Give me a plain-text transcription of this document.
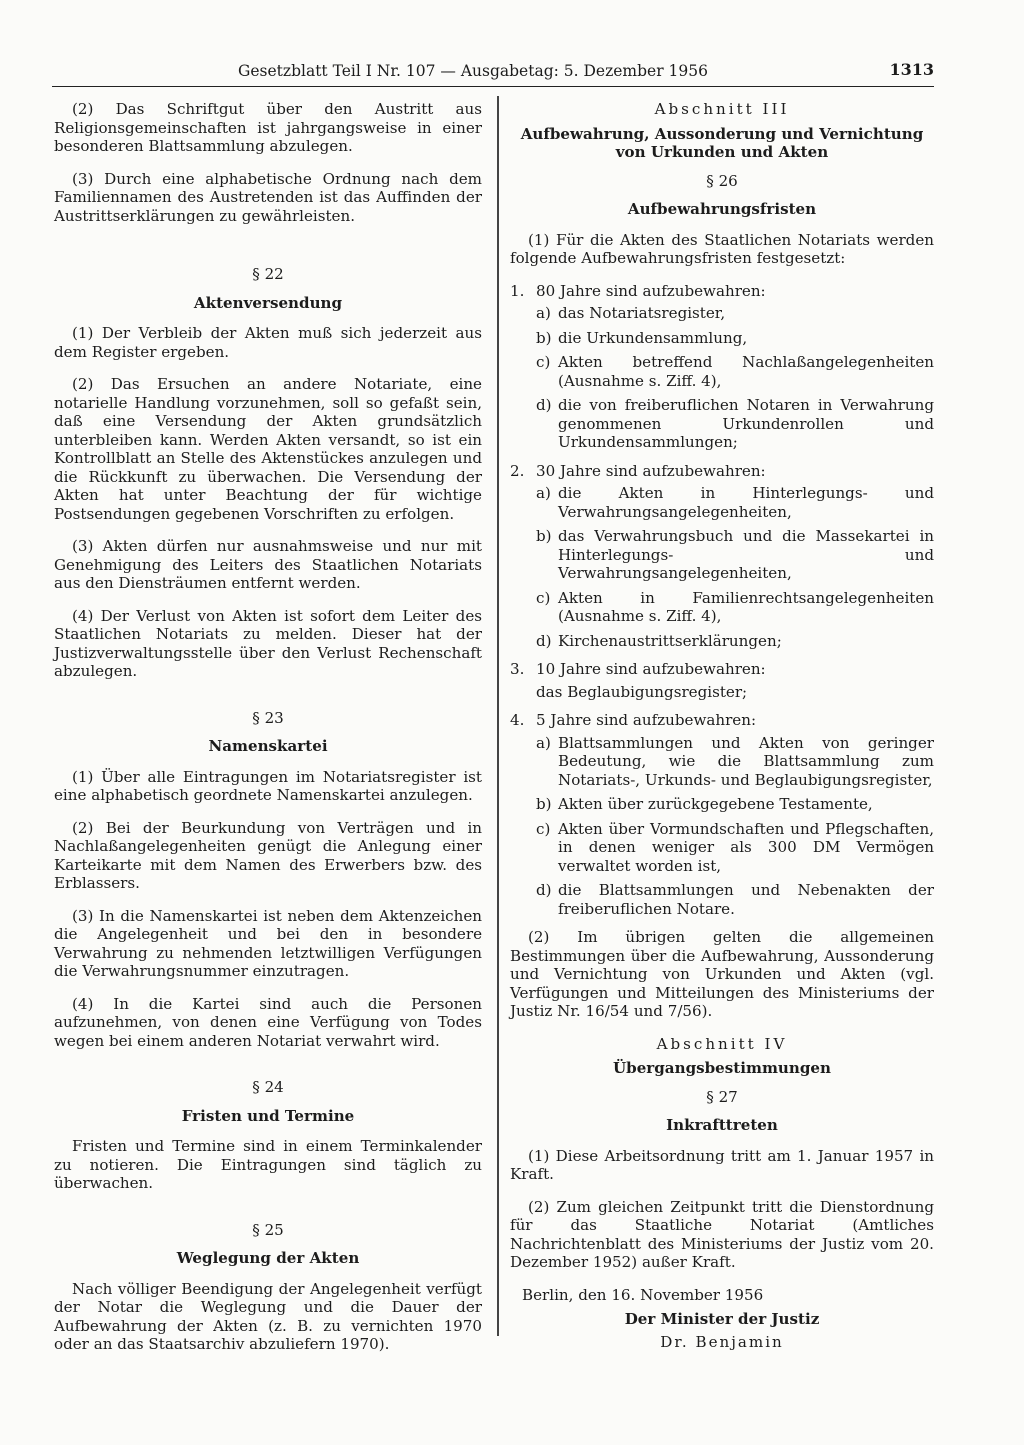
Gesetzblatt Teil I Nr. 107 — Ausgabetag: 5. Dezember 1956	1313

(2) Das Schriftgut über den Austritt aus Religionsgemeinschaften ist jahrgangsweise in einer besonderen Blattsammlung abzulegen.

(3) Durch eine alphabetische Ordnung nach dem Familiennamen des Austretenden ist das Auffinden der Austrittserklärungen zu gewährleisten.

§ 22
Aktenversendung

(1) Der Verbleib der Akten muß sich jederzeit aus dem Register ergeben.

(2) Das Ersuchen an andere Notariate, eine notarielle Handlung vorzunehmen, soll so gefaßt sein, daß eine Versendung der Akten grundsätzlich unterbleiben kann. Werden Akten versandt, so ist ein Kontrollblatt an Stelle des Aktenstückes anzulegen und die Rückkunft zu überwachen. Die Versendung der Akten hat unter Beachtung der für wichtige Postsendungen gegebenen Vorschriften zu erfolgen.

(3) Akten dürfen nur ausnahmsweise und nur mit Genehmigung des Leiters des Staatlichen Notariats aus den Diensträumen entfernt werden.

(4) Der Verlust von Akten ist sofort dem Leiter des Staatlichen Notariats zu melden. Dieser hat der Justizverwaltungsstelle über den Verlust Rechenschaft abzulegen.

§ 23
Namenskartei

(1) Über alle Eintragungen im Notariatsregister ist eine alphabetisch geordnete Namenskartei anzulegen.

(2) Bei der Beurkundung von Verträgen und in Nachlaßangelegenheiten genügt die Anlegung einer Karteikarte mit dem Namen des Erwerbers bzw. des Erblassers.

(3) In die Namenskartei ist neben dem Aktenzeichen die Angelegenheit und bei den in besondere Verwahrung zu nehmenden letztwilligen Verfügungen die Verwahrungsnummer einzutragen.

(4) In die Kartei sind auch die Personen aufzunehmen, von denen eine Verfügung von Todes wegen bei einem anderen Notariat verwahrt wird.

§ 24
Fristen und Termine

Fristen und Termine sind in einem Terminkalender zu notieren. Die Eintragungen sind täglich zu überwachen.

§ 25
Weglegung der Akten

Nach völliger Beendigung der Angelegenheit verfügt der Notar die Weglegung und die Dauer der Aufbewahrung der Akten (z. B. zu vernichten 1970 oder an das Staatsarchiv abzuliefern 1970).

Abschnitt III
Aufbewahrung, Aussonderung und Vernichtung
von Urkunden und Akten
§ 26
Aufbewahrungsfristen

(1) Für die Akten des Staatlichen Notariats werden folgende Aufbewahrungsfristen festgesetzt:

1. 80 Jahre sind aufzubewahren:
a) das Notariatsregister,
b) die Urkundensammlung,
c) Akten betreffend Nachlaßangelegenheiten (Ausnahme s. Ziff. 4),
d) die von freiberuflichen Notaren in Verwahrung genommenen Urkundenrollen und Urkundensammlungen;
2. 30 Jahre sind aufzubewahren:
a) die Akten in Hinterlegungs- und Verwahrungsangelegenheiten,
b) das Verwahrungsbuch und die Massekartei in Hinterlegungs- und Verwahrungsangelegenheiten,
c) Akten in Familienrechtsangelegenheiten (Ausnahme s. Ziff. 4),
d) Kirchenaustrittserklärungen;
3. 10 Jahre sind aufzubewahren:
das Beglaubigungsregister;
4. 5 Jahre sind aufzubewahren:
a) Blattsammlungen und Akten von geringer Bedeutung, wie die Blattsammlung zum Notariats-, Urkunds- und Beglaubigungsregister,
b) Akten über zurückgegebene Testamente,
c) Akten über Vormundschaften und Pflegschaften, in denen weniger als 300 DM Vermögen verwaltet worden ist,
d) die Blattsammlungen und Nebenakten der freiberuflichen Notare.

(2) Im übrigen gelten die allgemeinen Bestimmungen über die Aufbewahrung, Aussonderung und Vernichtung von Urkunden und Akten (vgl. Verfügungen und Mitteilungen des Ministeriums der Justiz Nr. 16/54 und 7/56).

Abschnitt IV
Übergangsbestimmungen
§ 27
Inkrafttreten

(1) Diese Arbeitsordnung tritt am 1. Januar 1957 in Kraft.

(2) Zum gleichen Zeitpunkt tritt die Dienstordnung für das Staatliche Notariat (Amtliches Nachrichtenblatt des Ministeriums der Justiz vom 20. Dezember 1952) außer Kraft.

Berlin, den 16. November 1956
Der Minister der Justiz
Dr. Benjamin
